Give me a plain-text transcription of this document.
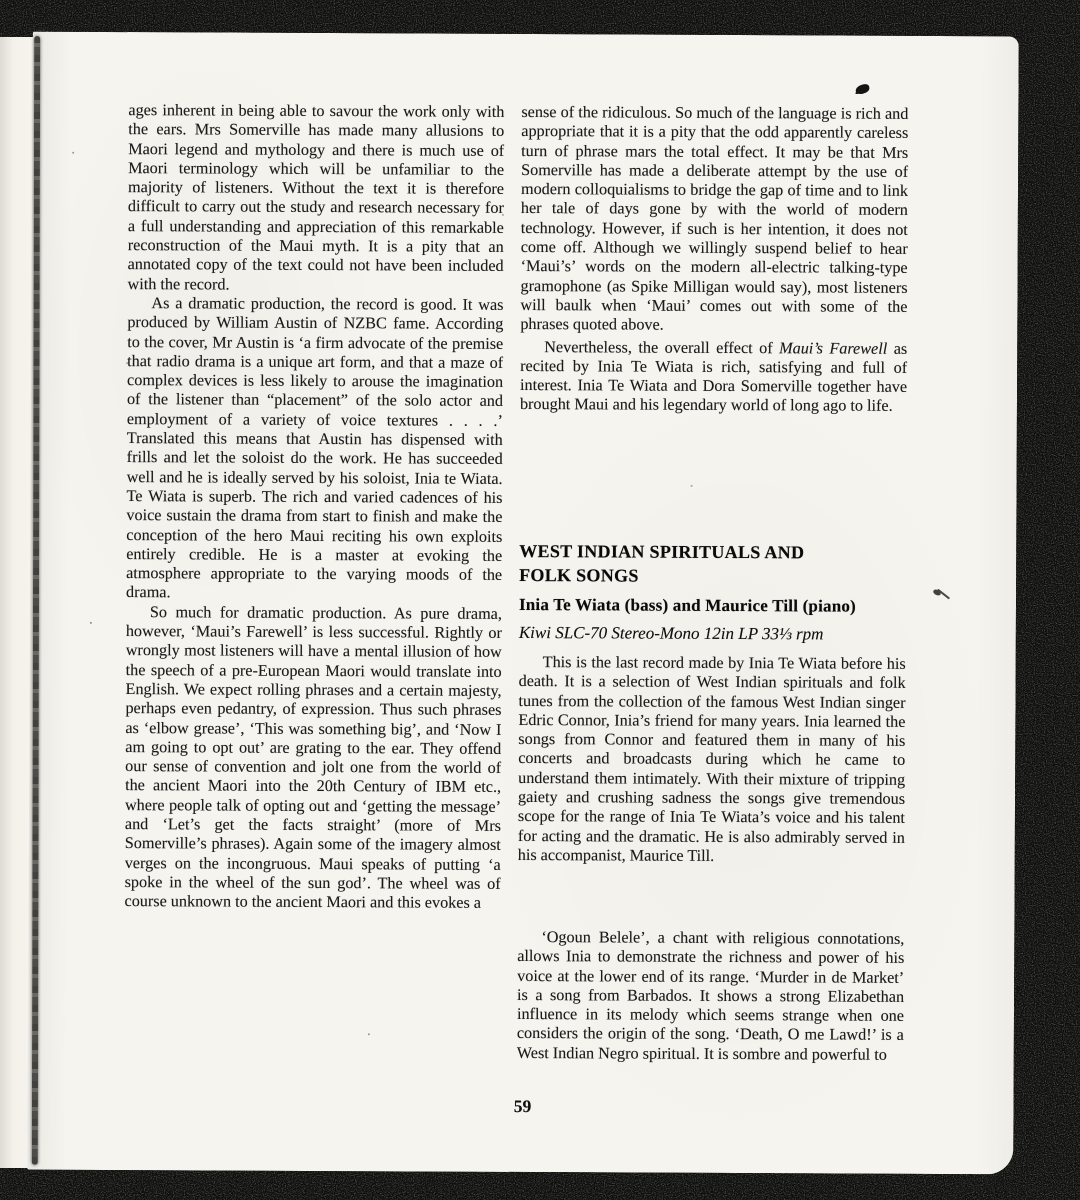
ages inherent in being able to savour the work only with the ears. Mrs Somerville has made many allusions to Maori legend and mythology and there is much use of Maori terminology which will be unfamiliar to the majority of listeners. Without the text it is therefore difficult to carry out the study and research necessary for a full understanding and appreciation of this remarkable reconstruction of the Maui myth. It is a pity that an annotated copy of the text could not have been included with the record.

As a dramatic production, the record is good. It was produced by William Austin of NZBC fame. According to the cover, Mr Austin is ‘a firm advocate of the premise that radio drama is a unique art form, and that a maze of complex devices is less likely to arouse the imagination of the listener than “placement” of the solo actor and employment of a variety of voice textures . . . .’ Translated this means that Austin has dispensed with frills and let the soloist do the work. He has succeeded well and he is ideally served by his soloist, Inia te Wiata. Te Wiata is superb. The rich and varied cadences of his voice sustain the drama from start to finish and make the conception of the hero Maui reciting his own exploits entirely credible. He is a master at evoking the atmosphere appropriate to the varying moods of the drama.

So much for dramatic production. As pure drama, however, ‘Maui’s Farewell’ is less successful. Rightly or wrongly most listeners will have a mental illusion of how the speech of a pre-European Maori would translate into English. We expect rolling phrases and a certain majesty, perhaps even pedantry, of expression. Thus such phrases as ‘elbow grease’, ‘This was something big’, and ‘Now I am going to opt out’ are grating to the ear. They offend our sense of convention and jolt one from the world of the ancient Maori into the 20th Century of IBM etc., where people talk of opting out and ‘getting the message’ and ‘Let’s get the facts straight’ (more of Mrs Somerville’s phrases). Again some of the imagery almost verges on the incongruous. Maui speaks of putting ‘a spoke in the wheel of the sun god’. The wheel was of course unknown to the ancient Maori and this evokes a

sense of the ridiculous. So much of the language is rich and appropriate that it is a pity that the odd apparently careless turn of phrase mars the total effect. It may be that Mrs Somerville has made a deliberate attempt by the use of modern colloquialisms to bridge the gap of time and to link her tale of days gone by with the world of modern technology. However, if such is her intention, it does not come off. Although we willingly suspend belief to hear ‘Maui’s’ words on the modern all-electric talking-type gramophone (as Spike Milligan would say), most listeners will baulk when ‘Maui’ comes out with some of the phrases quoted above.

Nevertheless, the overall effect of Maui’s Farewell as recited by Inia Te Wiata is rich, satisfying and full of interest. Inia Te Wiata and Dora Somerville together have brought Maui and his legendary world of long ago to life.

WEST INDIAN SPIRITUALS AND
FOLK SONGS
Inia Te Wiata (bass) and Maurice Till (piano)
Kiwi SLC-70 Stereo-Mono 12in LP 33⅓ rpm

This is the last record made by Inia Te Wiata before his death. It is a selection of West Indian spirituals and folk tunes from the collection of the famous West Indian singer Edric Connor, Inia’s friend for many years. Inia learned the songs from Connor and featured them in many of his concerts and broadcasts during which he came to understand them intimately. With their mixture of tripping gaiety and crushing sadness the songs give tremendous scope for the range of Inia Te Wiata’s voice and his talent for acting and the dramatic. He is also admirably served in his accompanist, Maurice Till.

‘Ogoun Belele’, a chant with religious connotations, allows Inia to demonstrate the richness and power of his voice at the lower end of its range. ‘Murder in de Market’ is a song from Barbados. It shows a strong Elizabethan influence in its melody which seems strange when one considers the origin of the song. ‘Death, O me Lawd!’ is a West Indian Negro spiritual. It is sombre and powerful to

59
